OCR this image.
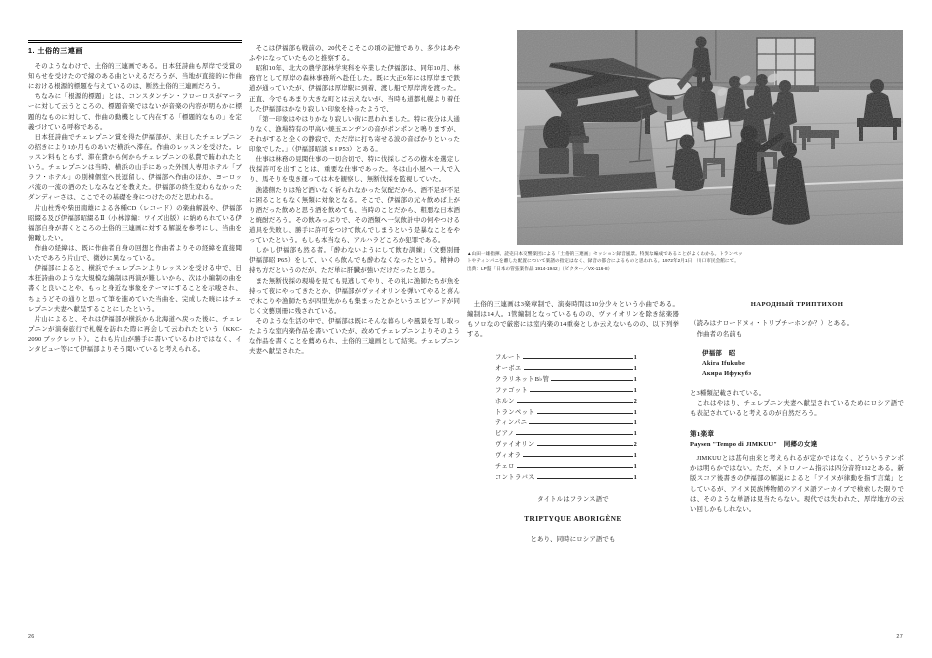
1. 土俗的三連画

そのようなわけで、土俗的三連画である。日本狂詩曲も厚岸で受賞の知らせを受けたので縁のある曲といえるだろうが、当地が直接的に作曲における根源的標題を与えているのは、断然土俗的三連画だろう。

ちなみに「根源的標題」とは、コンスタンチン・フローロスがマーラーに対して云うところの、標題音楽ではないが音楽の内容が明らかに標題的なものに対して、作曲の動機として内在する「標題的なもの」を定義づけている呼称である。

日本狂詩曲でチェレプニン賞を得た伊福部が、来日したチェレプニンの招きにより1か月ものあいだ横浜へ滞在。作曲のレッスンを受けた。レッスン料もとらず、滞在費から何からチェレプニンの私費で賄われたという。チェレプニンは当時、横浜の山手にあった外国人専用ホテル「ブラフ・ホテル」の別棟個室へ長逗留し、伊福部へ作曲のほか、ヨーロッパ流の一流の酒のたしなみなどを教えた。伊福部の終生変わらなかったダンディーさは、ここでその基礎を身につけたのだと思われる。

片山杜秀や柴田南雄による各種CD（レコード）の楽曲解説や、伊福部昭綴る及び伊福部昭綴るⅡ（小林淳編：ワイズ出版）に納められている伊福部自身が書くところの土俗的三連画に対する解説を参考にし、当曲を俯瞰したい。

作曲の経緯は、既に作曲者自身の回想と作曲者よりその経緯を直接聞いたであろう片山で、微妙に異なっている。

伊福部によると、横浜でチェレプニンよりレッスンを受ける中で、日本狂詩曲のような大規模な編制は再演が難しいから、次は小編制の曲を書くと良いことや、もっと身近な事象をテーマにすることを示唆され、ちょうどその通りと思って筆を進めていた当曲を、完成した暁にはチェレプニン夫妻へ献呈することにしたという。

片山によると、それは伊福部が横浜から北海道へ戻った後に、チェレプニンが演奏旅行で札幌を訪れた際に再会して云われたという（KKC-2090 ブックレット）。これも片山が勝手に書いているわけではなく、インタビュー等にて伊福部よりそう聞いていると考えられる。

そこは伊福部も戦前の、20代そこそこの頃の記憶であり、多少はあやふやになっていたものと推察する。

昭和10年、北大の農学部林学実科を卒業した伊福部は、同年10月、林務官として厚岸の森林事務所へ赴任した。既に大正6年には厚岸まで鉄道が通っていたが、伊福部は厚岸駅に到着、渡し船で厚岸湾を渡った。正直、今でもあまり大きな町とは云えないが、当時も道都札幌より着任した伊福部はかなり寂しい印象を持ったようで、

「第一印象はやはりかなり寂しい街に思われました。特に夜分は人通りなく、漁場特有の甲高い焼玉エンヂンの音がポンポンと鳴りますが、それがすると全くの静寂で、ただ岸に打ち寄せる波の音ばかりといった印象でした。」（伊福部昭談 S I P53）とある。

仕事は林務の見聞仕事の一切合切で、特に伐採しごろの樹木を選定し伐採許可を出すことは、重要な仕事であった。冬は山小屋へ一人で入り、馬そりを曳き運っては木を観察し、無断伐採を監視していた。

漁港側たりは殆ど酒いなく祈られなかった気配だから、酒不足が不足に困ることもなく無類に対象となる。そこで、伊福部の元々飲めば上がり酒だった飲めと思う酒を飲めても、当時のことだから、粗悪な日本酒と焼酎だろう。その飲みっぷりで、その酒類へ一気飲計中の何やつける道具を失敗し、勝手に許可をつけて飲んでしまうという是暴なことをやっていたという。もしも本当なら、アルハラどころか犯罪である。

しかし伊福部も然る者。「酔わないようにして飲む訓練」（文藝別冊 伊福部昭 P65）をして、いくら飲んでも酔わなくなったという。精神の持ち方だというのだが、ただ単に肝臓が強いだけだったと思う。

また無断伐採の現場を見ても見逃してやり、その礼に漁師たちが魚を持って夜にやってきたとか、伊福部がヴァイオリンを弾いてやると喜んで木こりや漁師たちが四里先からも集まったとかというエピソードが同じく文藝別冊に残されている。

そのような生活の中で、伊福部は既にそんな暮らしや風景を写し取ったような室内楽作品を書いていたが、改めてチェレプニンよりそのような作品を書くことを薦められ、土俗的三連画として結実。チェレプニン夫妻へ献呈された。

26
▲山田一雄指揮、読売日本交響楽団による「土俗的三連画」セッション録音風景。特異な編成であることがよくわかる。トランペッ
トやティンパニを離した配置について楽譜の指定はなく、録音の都合によるものと思われる。1972年2月1日　川口市民会館にて。
出典：LP盤「日本の管弦楽作品 1914-1942」（ビクター／VX-116-8）

土俗的三連画は3楽章制で、演奏時間は10分少々という小曲である。編制は14人。1管編制となっているものの、ヴァイオリンを除き絃楽器もソロなので厳密には室内楽の14重奏としか云えないものの、以下列挙する。

フルート	1
オーボエ	1
クラリネットB♭管	1
ファゴット	1
ホルン	2
トランペット	1
ティンパニ	1
ピアノ	1
ヴァイオリン	2
ヴィオラ	1
チェロ	1
コントラバス	1

タイトルはフランス語で

TRIPTYQUE ABORIGÈNE

とあり、同時にロシア語でも

НАРОДНЫЙ ТРИПТИХОН

（読みはナロードヌィ・トリプチーホンか？）とある。

作曲者の名前も

伊福部　昭
Akira Ifukube
Акира Ифукубэ

と3種類記載されている。

これはやはり、チェレプニン夫妻へ献呈されているためにロシア語でも表記されていると考えるのが自然だろう。

第1楽章
Paysen "Tempo di JIMKUU"　同郷の女達

JIMKUUとは甚句由来と考えられるが定かではなく、どういうテンポかは明らかではない。ただ、メトロノーム指示は四分音符112とある。新版スコア後書きの伊福部の解説によると「アイヌが律動を指す言葉」としているが、アイヌ民族博物館のアイヌ語アーカイブで検索した限りでは、そのような単語は見当たらない。現代では失われた、厚岸地方の云い回しかもしれない。

27
